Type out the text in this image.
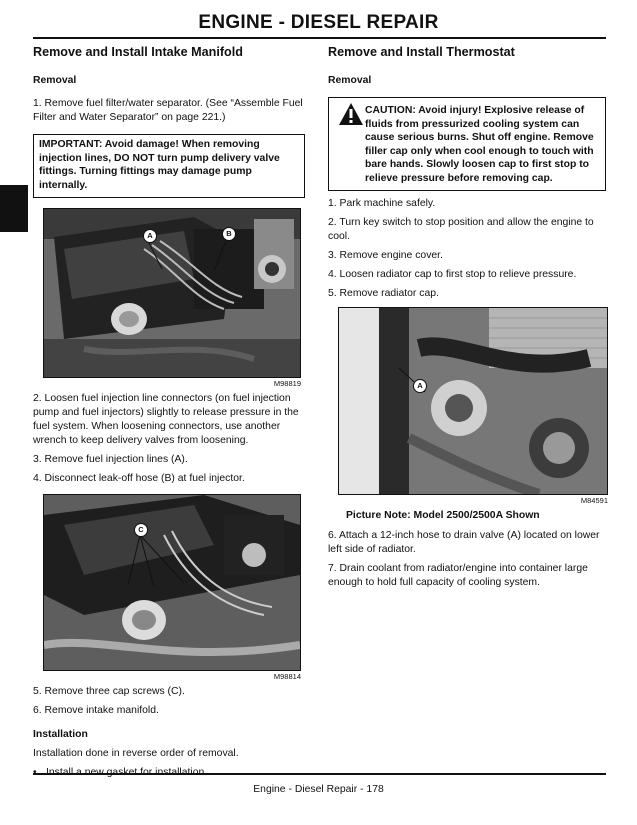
ENGINE - DIESEL REPAIR
Remove and Install Intake Manifold
Removal
1. Remove fuel filter/water separator. (See “Assemble Fuel Filter and Water Separator” on page 221.)
IMPORTANT: Avoid damage! When removing injection lines, DO NOT turn pump delivery valve fittings. Turning fittings may damage pump internally.
A	B
M98819
2. Loosen fuel injection line connectors (on fuel injection pump and fuel injectors) slightly to release pressure in the fuel system. When loosening connectors, use another wrench to keep delivery valves from loosening.
3. Remove fuel injection lines (A).
4. Disconnect leak-off hose (B) at fuel injector.
C
M98814
5. Remove three cap screws (C).
6. Remove intake manifold.
Installation
Installation done in reverse order of removal.
•
Remove and Install Thermostat
Removal
CAUTION: Avoid injury! Explosive release of fluids from pressurized cooling system can cause serious burns. Shut off engine. Remove filler cap only when cool enough to touch with bare hands. Slowly loosen cap to first stop to relieve pressure before removing cap.
1. Park machine safely.
2. Turn key switch to stop position and allow the engine to cool.
3. Remove engine cover.
4. Loosen radiator cap to first stop to relieve pressure.
5. Remove radiator cap.
A
M84591
Picture Note: Model 2500/2500A Shown
6. Attach a 12-inch hose to drain valve (A) located on lower left side of radiator.
7. Drain coolant from radiator/engine into container large enough to hold full capacity of cooling system.
Engine - Diesel Repair - 178
